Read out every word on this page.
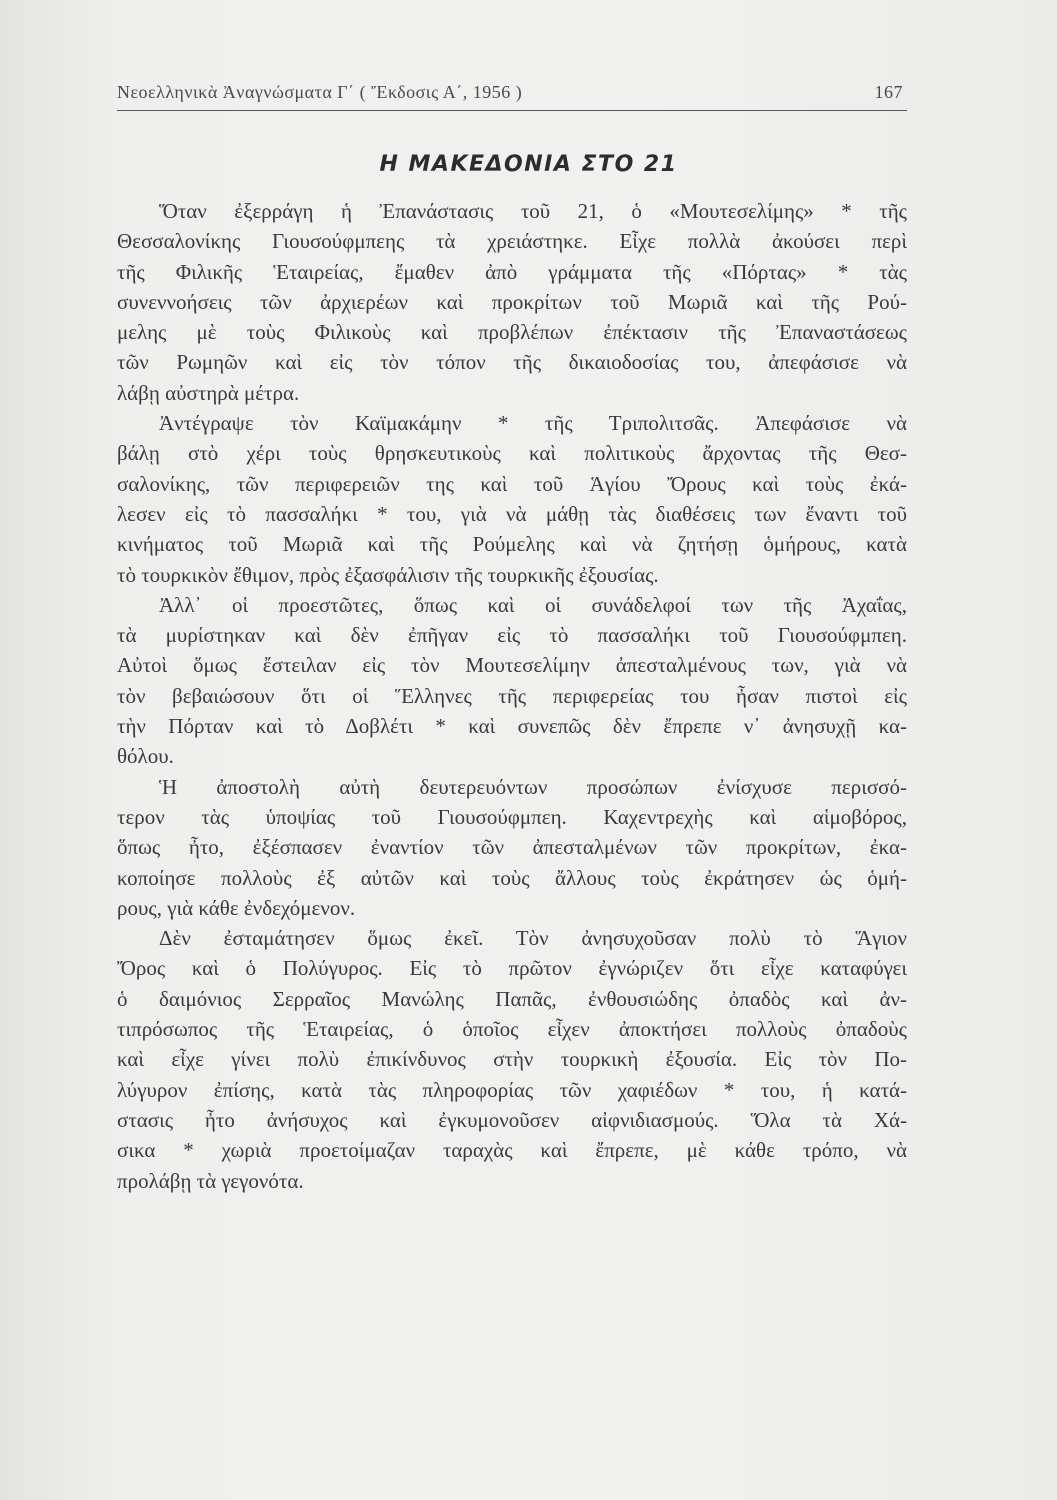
Νεοελληνικὰ Ἀναγνώσματα Γ΄ ( Ἔκδοσις Α΄, 1956 )	167
Η ΜΑΚΕΔΟΝΙΑ ΣΤΟ 21
Ὅταν ἐξερράγη ἡ Ἐπανάστασις τοῦ 21, ὁ «Μουτεσελίμης» * τῆς
Θεσσαλονίκης Γιουσούφμπεης τὰ χρειάστηκε. Εἶχε πολλὰ ἀκούσει περὶ
τῆς Φιλικῆς Ἑταιρείας, ἔμαθεν ἀπὸ γράμματα τῆς «Πόρτας» * τὰς
συνεννοήσεις τῶν ἀρχιερέων καὶ προκρίτων τοῦ Μωριᾶ καὶ τῆς Ρού-
μελης μὲ τοὺς Φιλικοὺς καὶ προβλέπων ἐπέκτασιν τῆς Ἐπαναστάσεως
τῶν Ρωμηῶν καὶ εἰς τὸν τόπον τῆς δικαιοδοσίας του, ἀπεφάσισε νὰ
λάβῃ αὐστηρὰ μέτρα.
Ἀντέγραψε τὸν Καϊμακάμην * τῆς Τριπολιτσᾶς. Ἀπεφάσισε νὰ
βάλῃ στὸ χέρι τοὺς θρησκευτικοὺς καὶ πολιτικοὺς ἄρχοντας τῆς Θεσ-
σαλονίκης, τῶν περιφερειῶν της καὶ τοῦ Ἁγίου Ὄρους καὶ τοὺς ἐκά-
λεσεν εἰς τὸ πασσαλήκι * του, γιὰ νὰ μάθῃ τὰς διαθέσεις των ἔναντι τοῦ
κινήματος τοῦ Μωριᾶ καὶ τῆς Ρούμελης καὶ νὰ ζητήσῃ ὁμήρους, κατὰ
τὸ τουρκικὸν ἔθιμον, πρὸς ἐξασφάλισιν τῆς τουρκικῆς ἐξουσίας.
Ἀλλ᾿ οἱ προεστῶτες, ὅπως καὶ οἱ συνάδελφοί των τῆς Ἀχαΐας,
τὰ μυρίστηκαν καὶ δὲν ἐπῆγαν εἰς τὸ πασσαλήκι τοῦ Γιουσούφμπεη.
Αὐτοὶ ὅμως ἔστειλαν εἰς τὸν Μουτεσελίμην ἀπεσταλμένους των, γιὰ νὰ
τὸν βεβαιώσουν ὅτι οἱ Ἕλληνες τῆς περιφερείας του ἦσαν πιστοὶ εἰς
τὴν Πόρταν καὶ τὸ Δοβλέτι * καὶ συνεπῶς δὲν ἔπρεπε ν᾿ ἀνησυχῇ κα-
θόλου.
Ἡ ἀποστολὴ αὐτὴ δευτερευόντων προσώπων ἐνίσχυσε περισσό-
τερον τὰς ὑποψίας τοῦ Γιουσούφμπεη. Καχεντρεχὴς καὶ αἱμοβόρος,
ὅπως ἦτο, ἐξέσπασεν ἐναντίον τῶν ἀπεσταλμένων τῶν προκρίτων, ἐκα-
κοποίησε πολλοὺς ἐξ αὐτῶν καὶ τοὺς ἄλλους τοὺς ἐκράτησεν ὡς ὁμή-
ρους, γιὰ κάθε ἐνδεχόμενον.
Δὲν ἐσταμάτησεν ὅμως ἐκεῖ. Τὸν ἀνησυχοῦσαν πολὺ τὸ Ἅγιον
Ὄρος καὶ ὁ Πολύγυρος. Εἰς τὸ πρῶτον ἐγνώριζεν ὅτι εἶχε καταφύγει
ὁ δαιμόνιος Σερραῖος Μανώλης Παπᾶς, ἐνθουσιώδης ὀπαδὸς καὶ ἀν-
τιπρόσωπος τῆς Ἑταιρείας, ὁ ὁποῖος εἶχεν ἀποκτήσει πολλοὺς ὀπαδοὺς
καὶ εἶχε γίνει πολὺ ἐπικίνδυνος στὴν τουρκικὴ ἐξουσία. Εἰς τὸν Πο-
λύγυρον ἐπίσης, κατὰ τὰς πληροφορίας τῶν χαφιέδων * του, ἡ κατά-
στασις ἦτο ἀνήσυχος καὶ ἐγκυμονοῦσεν αἰφνιδιασμούς. Ὅλα τὰ Χά-
σικα * χωριὰ προετοίμαζαν ταραχὰς καὶ ἔπρεπε, μὲ κάθε τρόπο, νὰ
προλάβῃ τὰ γεγονότα.
